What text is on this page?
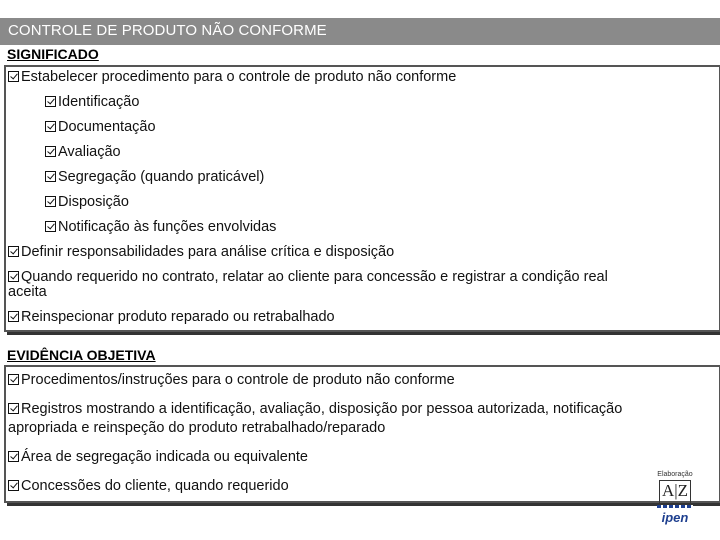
CONTROLE DE PRODUTO NÃO CONFORME
SIGNIFICADO
Estabelecer procedimento para o controle de produto não conforme
Identificação
Documentação
Avaliação
Segregação (quando praticável)
Disposição
Notificação às funções envolvidas
Definir responsabilidades para análise crítica e disposição
Quando requerido no contrato, relatar ao cliente para concessão e registrar a condição real
aceita
Reinspecionar produto reparado ou retrabalhado
EVIDÊNCIA OBJETIVA
Procedimentos/instruções para o controle de produto não conforme
Registros mostrando a identificação, avaliação, disposição por pessoa autorizada, notificação
apropriada e reinspeção do produto retrabalhado/reparado
Área de segregação indicada ou equivalente
Concessões do cliente, quando requerido
Elaboração
A|Z
ipen
